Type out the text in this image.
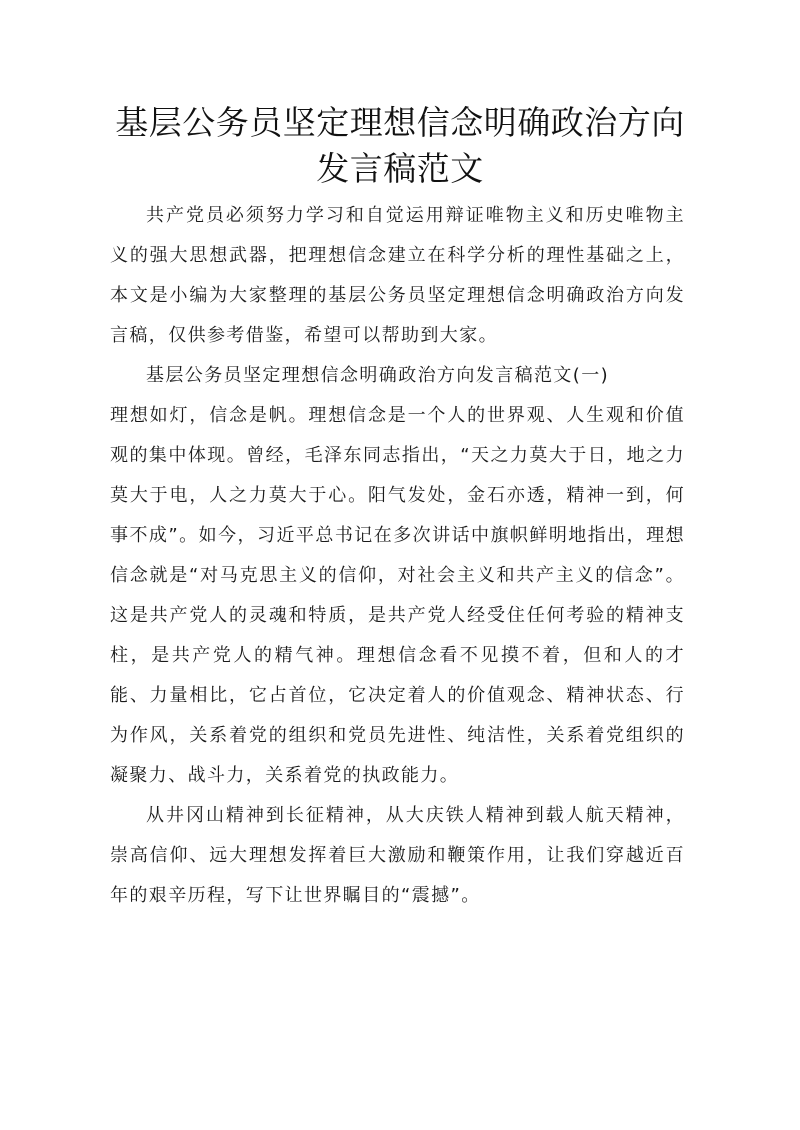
基层公务员坚定理想信念明确政治方向
发言稿范文

共产党员必须努力学习和自觉运用辩证唯物主义和历史唯物主义的强大思想武器，把理想信念建立在科学分析的理性基础之上，本文是小编为大家整理的基层公务员坚定理想信念明确政治方向发言稿，仅供参考借鉴，希望可以帮助到大家。

基层公务员坚定理想信念明确政治方向发言稿范文(一)

理想如灯，信念是帆。理想信念是一个人的世界观、人生观和价值观的集中体现。曾经，毛泽东同志指出，“天之力莫大于日，地之力莫大于电，人之力莫大于心。阳气发处，金石亦透，精神一到，何事不成”。如今，习近平总书记在多次讲话中旗帜鲜明地指出，理想信念就是“对马克思主义的信仰，对社会主义和共产主义的信念”。这是共产党人的灵魂和特质，是共产党人经受住任何考验的精神支柱，是共产党人的精气神。理想信念看不见摸不着，但和人的才能、力量相比，它占首位，它决定着人的价值观念、精神状态、行为作风，关系着党的组织和党员先进性、纯洁性，关系着党组织的凝聚力、战斗力，关系着党的执政能力。

从井冈山精神到长征精神，从大庆铁人精神到载人航天精神，崇高信仰、远大理想发挥着巨大激励和鞭策作用，让我们穿越近百年的艰辛历程，写下让世界瞩目的“震撼”。
